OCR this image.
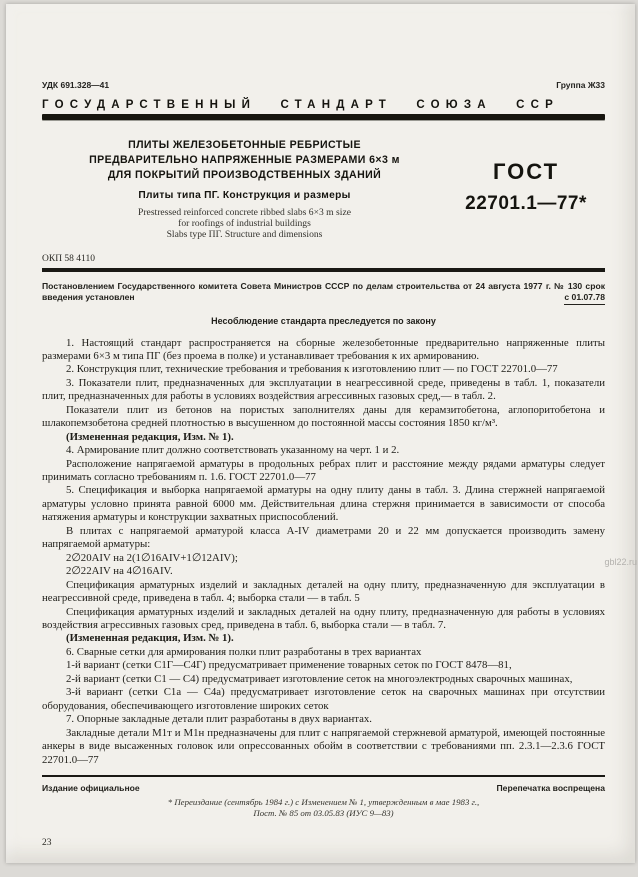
УДК 691.328—41	Группа Ж33
ГОСУДАРСТВЕННЫЙ СТАНДАРТ СОЮЗА ССР
ПЛИТЫ ЖЕЛЕЗОБЕТОННЫЕ РЕБРИСТЫЕ
ПРЕДВАРИТЕЛЬНО НАПРЯЖЕННЫЕ РАЗМЕРАМИ 6×3 м
ДЛЯ ПОКРЫТИЙ ПРОИЗВОДСТВЕННЫХ ЗДАНИЙ
Плиты типа ПГ. Конструкция и размеры
Prestressed reinforced concrete ribbed slabs 6×3 m size
for roofings of industrial buildings
Slabs type ПГ. Structure and dimensions
ГОСТ
22701.1—77*
ОКП 58 4110
Постановлением Государственного комитета Совета Министров СССР по делам строительства от 24 августа 1977 г. № 130 срок введения установлен	с 01.07.78
Несоблюдение стандарта преследуется по закону

1. Настоящий стандарт распространяется на сборные железобетонные предварительно напряженные плиты размерами 6×3 м типа ПГ (без проема в полке) и устанавливает требования к их армированию.

2. Конструкция плит, технические требования и требования к изготовлению плит — по ГОСТ 22701.0—77

3. Показатели плит, предназначенных для эксплуатации в неагрессивной среде, приведены в табл. 1, показатели плит, предназначенных для работы в условиях воздействия агрессивных газовых сред,— в табл. 2.

Показатели плит из бетонов на пористых заполнителях даны для керамзитобетона, аглопоритобетона и шлакопемзобетона средней плотностью в высушенном до постоянной массы состояния 1850 кг/м³.

(Измененная редакция, Изм. № 1).

4. Армирование плит должно соответствовать указанному на черт. 1 и 2.

Расположение напрягаемой арматуры в продольных ребрах плит и расстояние между рядами арматуры следует принимать согласно требованиям п. 1.6. ГОСТ 22701.0—77

5. Спецификация и выборка напрягаемой арматуры на одну плиту даны в табл. 3. Длина стержней напрягаемой арматуры условно принята равной 6000 мм. Действительная длина стержня принимается в зависимости от способа натяжения арматуры и конструкции захватных приспособлений.

В плитах с напрягаемой арматурой класса А-IV диаметрами 20 и 22 мм допускается производить замену напрягаемой арматуры:

2∅20АIV на 2(1∅16АIV+1∅12АIV);

2∅22АIV на 4∅16АIV.

Спецификация арматурных изделий и закладных деталей на одну плиту, предназначенную для эксплуатации в неагрессивной среде, приведена в табл. 4; выборка стали — в табл. 5

Спецификация арматурных изделий и закладных деталей на одну плиту, предназначенную для работы в условиях воздействия агрессивных газовых сред, приведена в табл. 6, выборка стали — в табл. 7.

(Измененная редакция, Изм. № 1).

6. Сварные сетки для армирования полки плит разработаны в трех вариантах

1-й вариант (сетки С1Г—С4Г) предусматривает применение товарных сеток по ГОСТ 8478—81,

2-й вариант (сетки С1 — С4) предусматривает изготовление сеток на многоэлектродных сварочных машинах,

3-й вариант (сетки С1а — С4а) предусматривает изготовление сеток на сварочных машинах при отсутствии оборудования, обеспечивающего изготовление широких сеток

7. Опорные закладные детали плит разработаны в двух вариантах.

Закладные детали М1т и М1н предназначены для плит с напрягаемой стержневой арматурой, имеющей постоянные анкеры в виде высаженных головок или опрессованных обойм в соответствии с требованиями пп. 2.3.1—2.3.6 ГОСТ 22701.0—77

Издание официальное	Перепечатка воспрещена
* Переиздание (сентябрь 1984 г.) с Изменением № 1, утвержденным в мае 1983 г.,
Пост. № 85 от 03.05.83 (ИУС 9—83)
23
gbl22.ru
